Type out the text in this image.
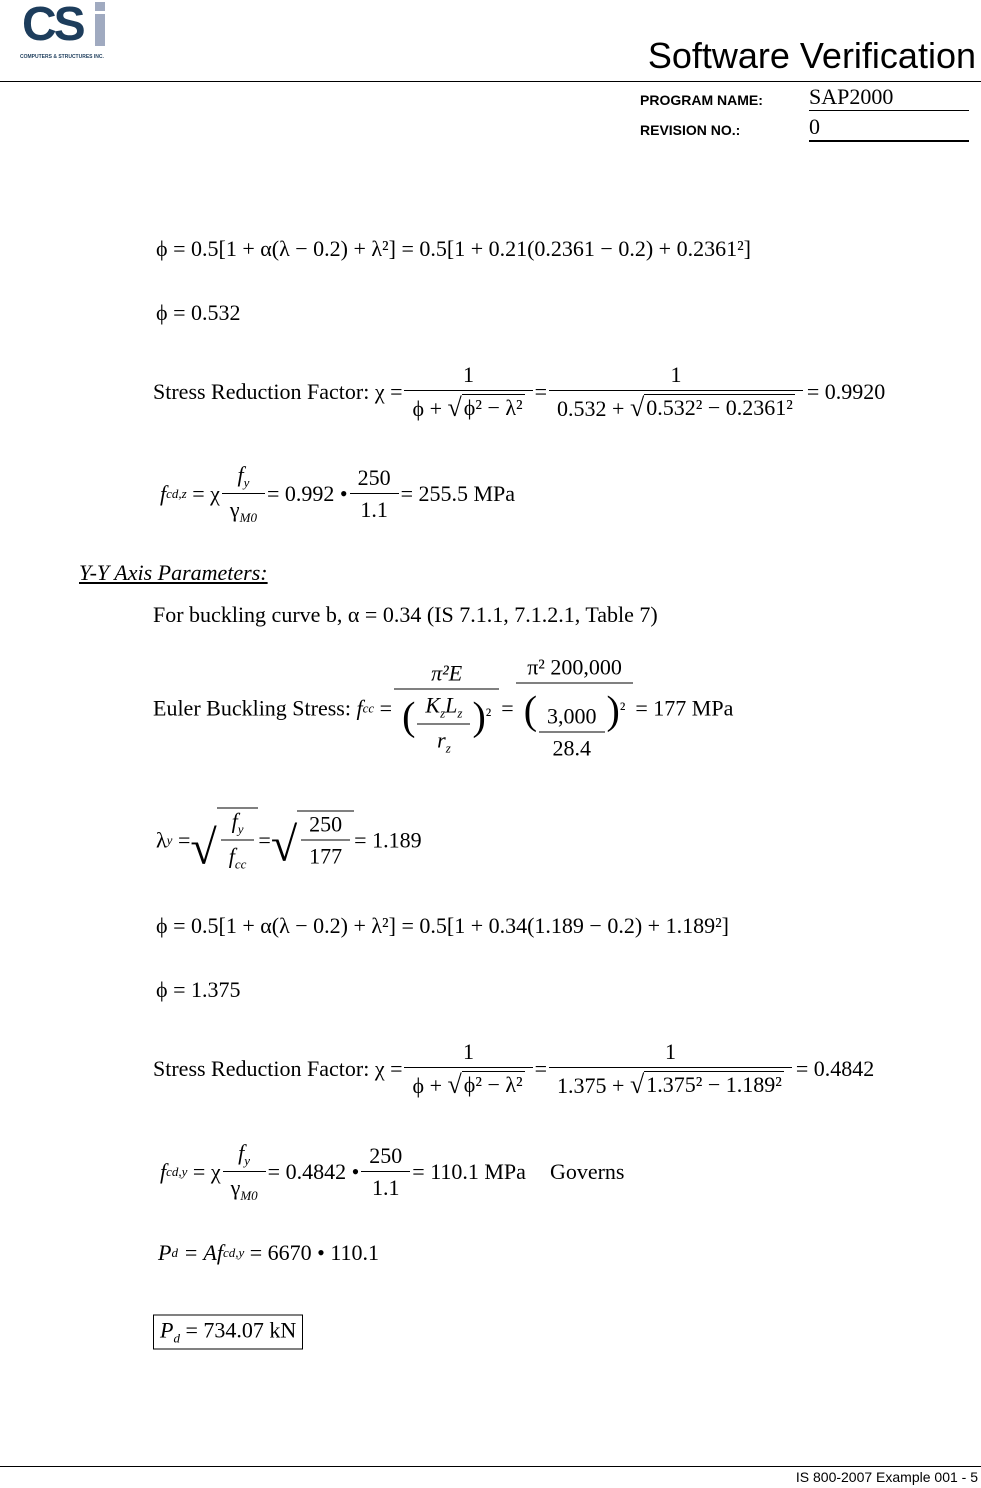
CS
COMPUTERS & STRUCTURES INC.	Software Verification
PROGRAM NAME: SAP2000
REVISION NO.:	0
ϕ = 0.5[1 + α(λ − 0.2) + λ²] = 0.5[1 + 0.21(0.2361 − 0.2) + 0.2361²]
ϕ = 0.532
Stress Reduction Factor:
$\chi = \frac{1}{\text{ϕ + √ ϕ² − λ²}} = \frac{1}{\text{0.532 + √ 0.532² − 0.2361²}} = 0.9920$
f cd,z
= χ $\frac{f_y}{\gamma_{M0}} = 0.992$ • $\frac{250}{1.1} = 255.5$ MPa
Y-Y Axis Parameters:
For buckling curve b, α = 0.34 (IS 7.1.1, 7.1.2.1, Table 7)
Euler Buckling Stress:
f cc
= $\frac{\text{π²E}}{( \frac{K_zL_z}{r_z} )^{^2}} = \frac{\text{π² 200,000}}{( \frac{3,000}{28.4} )^{^2}} = 177$ MPa
λ y
= √ $\frac{f_y}{f_{cc}}$ = √ $\frac{250}{177} = 1.189$
ϕ = 0.5[1 + α(λ − 0.2) + λ²] = 0.5[1 + 0.34(1.189 − 0.2) + 1.189²]
ϕ = 1.375
Stress Reduction Factor:
$\chi = \frac{1}{\text{ϕ + √ ϕ² − λ²}} = \frac{1}{\text{1.375 + √ 1.375² − 1.189²}} = 0.4842$
f cd,y
= χ $\frac{f_y}{\gamma_{M0}} = 0.4842$ • $\frac{250}{1.1} = 110.1$ MPa Governs
P d
= Af cd,y
= 6670 • 110.1
$P_d = 734.07$ kN
IS 800-2007 Example 001 - 5
